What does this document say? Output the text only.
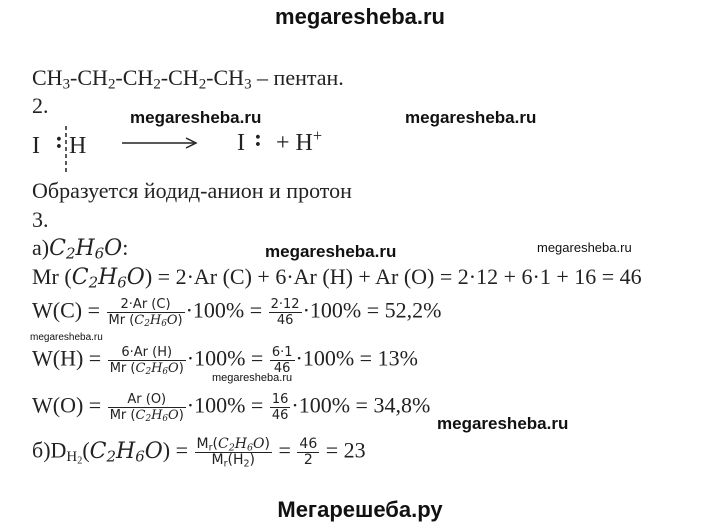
megaresheba.ru
$CH_3-CH_2-CH_2-CH_2-CH_3$ – пентан.
2.	megaresheba.ru	megaresheba.ru
I : H	I : + H+
Образуется йодид-анион и протон
3.
$а)C_2H_6O$:	megaresheba.ru	megaresheba.ru
Mr $(C_2H_6O) = 2\cdot Ar$ (C) + 6·Ar (H) + Ar (O) = 2·12 + 6·1 + 16 = 46
$W(C) = \frac{2\cdot Ar (C)}{Mr (C_2H_6O)} \cdot 100\% = \frac{2\cdot 12}{46} \cdot 100\% = 52,2\%$
$W(H) = \frac{6\cdot Ar (H)}{Mr (C_2H_6O)} \cdot 100\% = \frac{6\cdot 1}{46} \cdot 100\% = 13\%$
megaresheba.ru
megaresheba.ru
$W(O) = \frac{Ar (O)}{Mr (C_2H_6O)} \cdot 100\% = \frac{16}{46} \cdot 100\% = 34,8\%$
megaresheba.ru
$б)D_{H_2}(C_2H_6O) = \frac{M_r(C_2H_6O)}{M_r(H_2)} = \frac{46}{2} = 23$
Мегарешеба.ру
